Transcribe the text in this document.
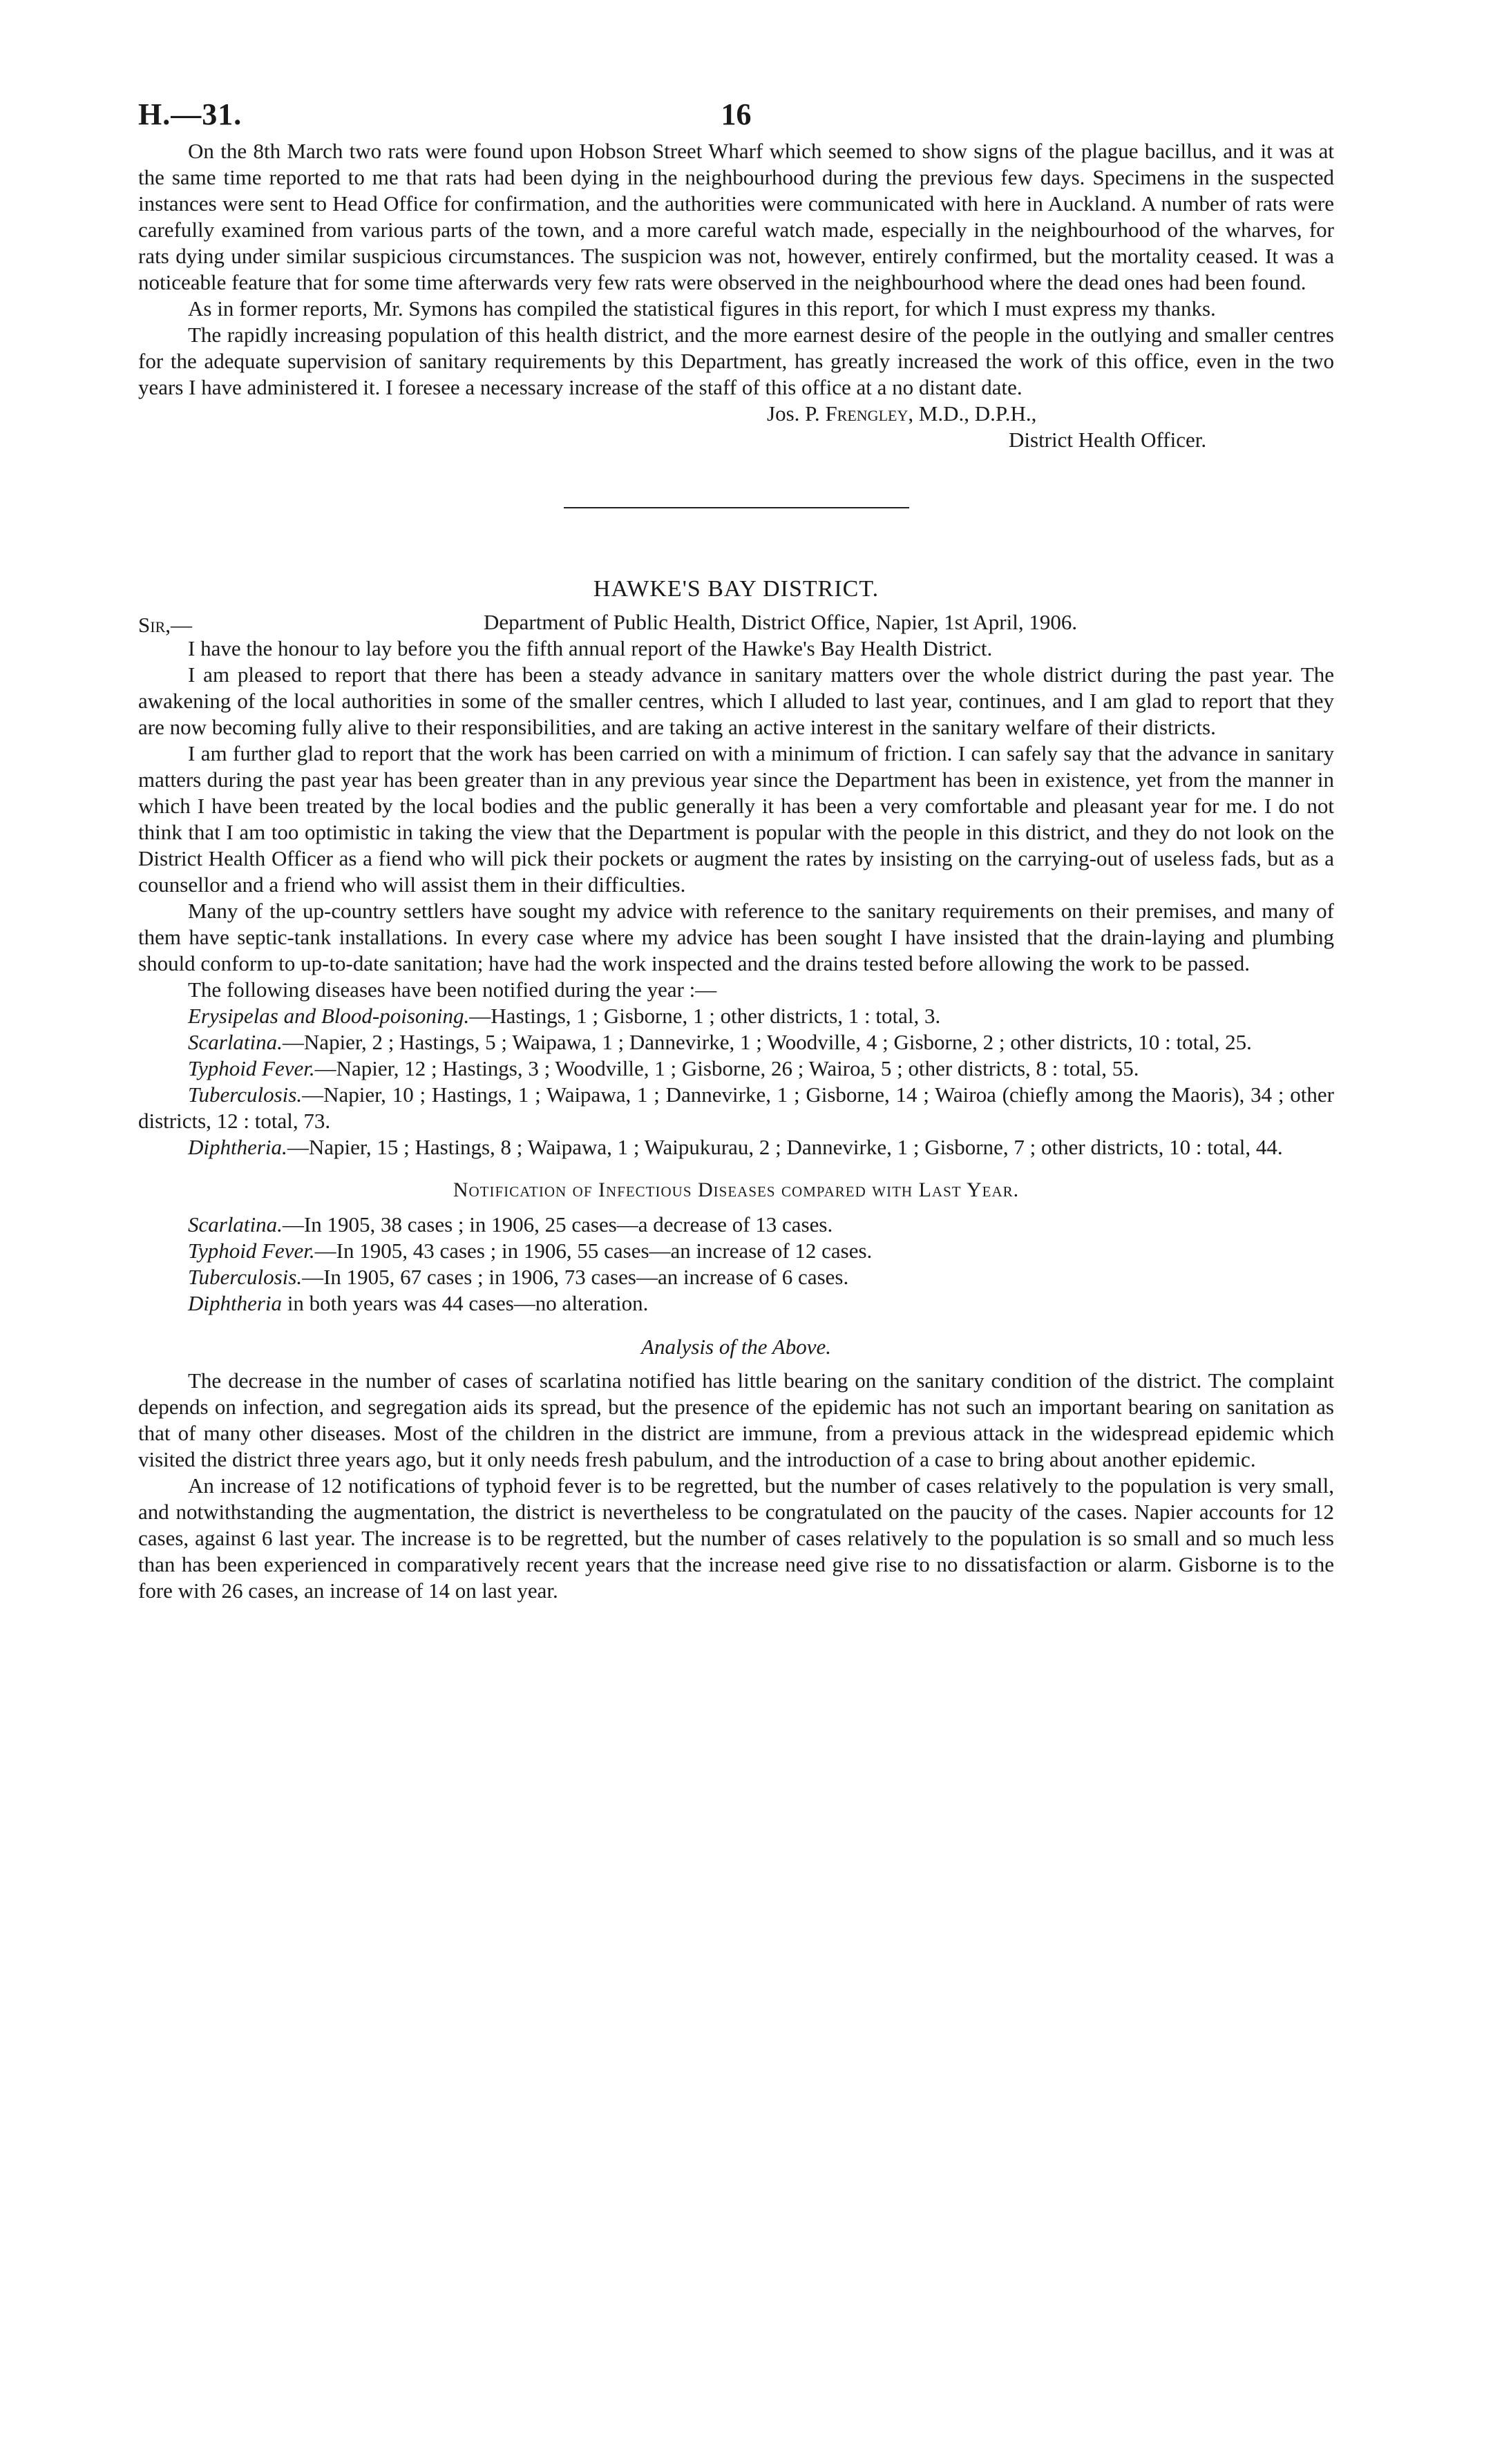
H.—31.	16

On the 8th March two rats were found upon Hobson Street Wharf which seemed to show signs of the plague bacillus, and it was at the same time reported to me that rats had been dying in the neighbourhood during the previous few days. Specimens in the suspected instances were sent to Head Office for confirmation, and the authorities were communicated with here in Auckland. A number of rats were carefully examined from various parts of the town, and a more careful watch made, especially in the neighbourhood of the wharves, for rats dying under similar suspicious circumstances. The suspicion was not, however, entirely confirmed, but the mortality ceased. It was a noticeable feature that for some time afterwards very few rats were observed in the neighbourhood where the dead ones had been found.

As in former reports, Mr. Symons has compiled the statistical figures in this report, for which I must express my thanks.

The rapidly increasing population of this health district, and the more earnest desire of the people in the outlying and smaller centres for the adequate supervision of sanitary requirements by this Department, has greatly increased the work of this office, even in the two years I have administered it. I foresee a necessary increase of the staff of this office at a no distant date.

Jos. P. Frengley, M.D., D.P.H.,
District Health Officer.
HAWKE'S BAY DISTRICT.
Sir,—	Department of Public Health, District Office, Napier, 1st April, 1906.

I have the honour to lay before you the fifth annual report of the Hawke's Bay Health District.

I am pleased to report that there has been a steady advance in sanitary matters over the whole district during the past year. The awakening of the local authorities in some of the smaller centres, which I alluded to last year, continues, and I am glad to report that they are now becoming fully alive to their responsibilities, and are taking an active interest in the sanitary welfare of their districts.

I am further glad to report that the work has been carried on with a minimum of friction. I can safely say that the advance in sanitary matters during the past year has been greater than in any previous year since the Department has been in existence, yet from the manner in which I have been treated by the local bodies and the public generally it has been a very comfortable and pleasant year for me. I do not think that I am too optimistic in taking the view that the Department is popular with the people in this district, and they do not look on the District Health Officer as a fiend who will pick their pockets or augment the rates by insisting on the carrying-out of useless fads, but as a counsellor and a friend who will assist them in their difficulties.

Many of the up-country settlers have sought my advice with reference to the sanitary requirements on their premises, and many of them have septic-tank installations. In every case where my advice has been sought I have insisted that the drain-laying and plumbing should conform to up-to-date sanitation; have had the work inspected and the drains tested before allowing the work to be passed.

The following diseases have been notified during the year :—

Erysipelas and Blood-poisoning.—Hastings, 1 ; Gisborne, 1 ; other districts, 1 : total, 3.
Scarlatina.—Napier, 2 ; Hastings, 5 ; Waipawa, 1 ; Dannevirke, 1 ; Woodville, 4 ; Gisborne, 2 ; other districts, 10 : total, 25.
Typhoid Fever.—Napier, 12 ; Hastings, 3 ; Woodville, 1 ; Gisborne, 26 ; Wairoa, 5 ; other districts, 8 : total, 55.
Tuberculosis.—Napier, 10 ; Hastings, 1 ; Waipawa, 1 ; Dannevirke, 1 ; Gisborne, 14 ; Wairoa (chiefly among the Maoris), 34 ; other districts, 12 : total, 73.
Diphtheria.—Napier, 15 ; Hastings, 8 ; Waipawa, 1 ; Waipukurau, 2 ; Dannevirke, 1 ; Gisborne, 7 ; other districts, 10 : total, 44.
Notification of Infectious Diseases compared with Last Year.
Scarlatina.—In 1905, 38 cases ; in 1906, 25 cases—a decrease of 13 cases.
Typhoid Fever.—In 1905, 43 cases ; in 1906, 55 cases—an increase of 12 cases.
Tuberculosis.—In 1905, 67 cases ; in 1906, 73 cases—an increase of 6 cases.
Diphtheria in both years was 44 cases—no alteration.
Analysis of the Above.

The decrease in the number of cases of scarlatina notified has little bearing on the sanitary condition of the district. The complaint depends on infection, and segregation aids its spread, but the presence of the epidemic has not such an important bearing on sanitation as that of many other diseases. Most of the children in the district are immune, from a previous attack in the widespread epidemic which visited the district three years ago, but it only needs fresh pabulum, and the introduction of a case to bring about another epidemic.

An increase of 12 notifications of typhoid fever is to be regretted, but the number of cases relatively to the population is very small, and notwithstanding the augmentation, the district is nevertheless to be congratulated on the paucity of the cases. Napier accounts for 12 cases, against 6 last year. The increase is to be regretted, but the number of cases relatively to the population is so small and so much less than has been experienced in comparatively recent years that the increase need give rise to no dissatisfaction or alarm. Gisborne is to the fore with 26 cases, an increase of 14 on last year.
